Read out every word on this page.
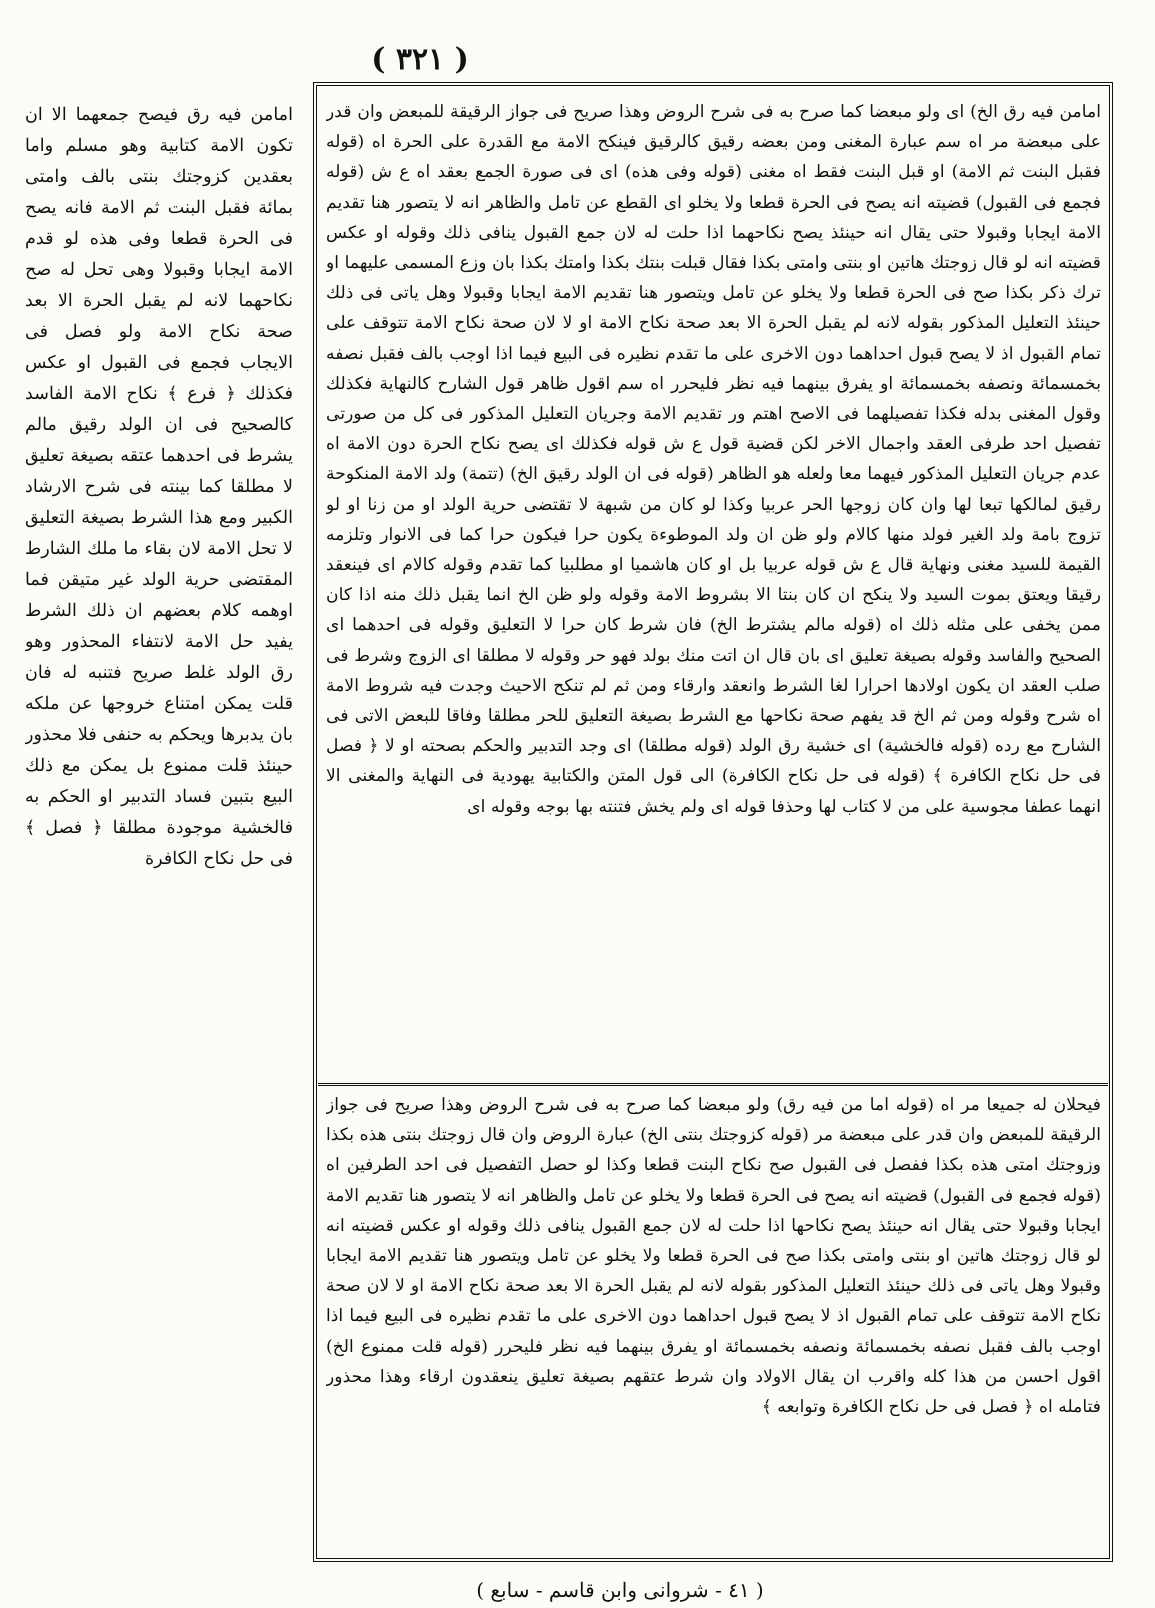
( ٣٢١ )
امامن فيه رق الخ) اى ولو مبعضا كما صرح به فى شرح الروض وهذا صريح فى جواز الرقيقة للمبعض وان قدر على مبعضة مر اه سم عبارة المغنى ومن بعضه رقيق كالرقيق فينكح الامة مع القدرة على الحرة اه (قوله فقبل البنت ثم الامة) او قبل البنت فقط اه مغنى (قوله وفى هذه) اى فى صورة الجمع بعقد اه ع ش (قوله فجمع فى القبول) قضيته انه يصح فى الحرة قطعا ولا يخلو اى القطع عن تامل والظاهر انه لا يتصور هنا تقديم الامة ايجابا وقبولا حتى يقال انه حينئذ يصح نكاحهما اذا حلت له لان جمع القبول ينافى ذلك وقوله او عكس قضيته انه لو قال زوجتك هاتين او بنتى وامتى بكذا فقال قبلت بنتك بكذا وامتك بكذا بان وزع المسمى عليهما او ترك ذكر بكذا صح فى الحرة قطعا ولا يخلو عن تامل ويتصور هنا تقديم الامة ايجابا وقبولا وهل ياتى فى ذلك حينئذ التعليل المذكور بقوله لانه لم يقبل الحرة الا بعد صحة نكاح الامة او لا لان صحة نكاح الامة تتوقف على تمام القبول اذ لا يصح قبول احداهما دون الاخرى على ما تقدم نظيره فى البيع فيما اذا اوجب بالف فقبل نصفه بخمسمائة ونصفه بخمسمائة او يفرق بينهما فيه نظر فليحرر اه سم اقول ظاهر قول الشارح كالنهاية فكذلك وقول المغنى بدله فكذا تفصيلهما فى الاصح اهتم ور تقديم الامة وجريان التعليل المذكور فى كل من صورتى تفصيل احد طرفى العقد واجمال الاخر لكن قضية قول ع ش قوله فكذلك اى يصح نكاح الحرة دون الامة اه عدم جريان التعليل المذكور فيهما معا ولعله هو الظاهر (قوله فى ان الولد رقيق الخ) (تتمة) ولد الامة المنكوحة رقيق لمالكها تبعا لها وان كان زوجها الحر عربيا وكذا لو كان من شبهة لا تقتضى حرية الولد او من زنا او لو تزوج بامة ولد الغير فولد منها كالام ولو ظن ان ولد الموطوءة يكون حرا فيكون حرا كما فى الانوار وتلزمه القيمة للسيد مغنى ونهاية قال ع ش قوله عربيا بل او كان هاشميا او مطلبيا كما تقدم وقوله كالام اى فينعقد رقيقا ويعتق بموت السيد ولا ينكح ان كان بنتا الا بشروط الامة وقوله ولو ظن الخ انما يقبل ذلك منه اذا كان ممن يخفى على مثله ذلك اه (قوله مالم يشترط الخ) فان شرط كان حرا لا التعليق وقوله فى احدهما اى الصحيح والفاسد وقوله بصيغة تعليق اى بان قال ان اتت منك بولد فهو حر وقوله لا مطلقا اى الزوج وشرط فى صلب العقد ان يكون اولادها احرارا لغا الشرط وانعقد وارقاء ومن ثم لم تنكح الاحيث وجدت فيه شروط الامة اه شرح وقوله ومن ثم الخ قد يفهم صحة نكاحها مع الشرط بصيغة التعليق للحر مطلقا وفاقا للبعض الاتى فى الشارح مع رده (قوله فالخشية) اى خشية رق الولد (قوله مطلقا) اى وجد التدبير والحكم بصحته او لا ﴿ فصل فى حل نكاح الكافرة ﴾ (قوله فى حل نكاح الكافرة) الى قول المتن والكتابية يهودية فى النهاية والمغنى الا انهما عطفا مجوسية على من لا كتاب لها وحذفا قوله اى ولم يخش فتنته بها بوجه وقوله اى
فيحلان له جميعا مر اه (قوله اما من فيه رق) ولو مبعضا كما صرح به فى شرح الروض وهذا صريح فى جواز الرقيقة للمبعض وان قدر على مبعضة مر (قوله كزوجتك بنتى الخ) عبارة الروض وان قال زوجتك بنتى هذه بكذا وزوجتك امتى هذه بكذا ففصل فى القبول صح نكاح البنت قطعا وكذا لو حصل التفصيل فى احد الطرفين اه (قوله فجمع فى القبول) قضيته انه يصح فى الحرة قطعا ولا يخلو عن تامل والظاهر انه لا يتصور هنا تقديم الامة ايجابا وقبولا حتى يقال انه حينئذ يصح نكاحها اذا حلت له لان جمع القبول ينافى ذلك وقوله او عكس قضيته انه لو قال زوجتك هاتين او بنتى وامتى بكذا صح فى الحرة قطعا ولا يخلو عن تامل ويتصور هنا تقديم الامة ايجابا وقبولا وهل ياتى فى ذلك حينئذ التعليل المذكور بقوله لانه لم يقبل الحرة الا بعد صحة نكاح الامة او لا لان صحة نكاح الامة تتوقف على تمام القبول اذ لا يصح قبول احداهما دون الاخرى على ما تقدم نظيره فى البيع فيما اذا اوجب بالف فقبل نصفه بخمسمائة ونصفه بخمسمائة او يفرق بينهما فيه نظر فليحرر (قوله قلت ممنوع الخ) اقول احسن من هذا كله واقرب ان يقال الاولاد وان شرط عتقهم بصيغة تعليق ينعقدون ارقاء وهذا محذور فتامله اه ﴿ فصل فى حل نكاح الكافرة وتوابعه ﴾
امامن فيه رق فيصح جمعهما الا ان تكون الامة كتابية وهو مسلم واما بعقدين كزوجتك بنتى بالف وامتى بمائة فقبل البنت ثم الامة فانه يصح فى الحرة قطعا وفى هذه لو قدم الامة ايجابا وقبولا وهى تحل له صح نكاحهما لانه لم يقبل الحرة الا بعد صحة نكاح الامة ولو فصل فى الايجاب فجمع فى القبول او عكس فكذلك ﴿ فرع ﴾ نكاح الامة الفاسد كالصحيح فى ان الولد رقيق مالم يشرط فى احدهما عتقه بصيغة تعليق لا مطلقا كما بينته فى شرح الارشاد الكبير ومع هذا الشرط بصيغة التعليق لا تحل الامة لان بقاء ما ملك الشارط المقتضى حرية الولد غير متيقن فما اوهمه كلام بعضهم ان ذلك الشرط يفيد حل الامة لانتفاء المحذور وهو رق الولد غلط صريح فتنبه له فان قلت يمكن امتناع خروجها عن ملكه بان يدبرها ويحكم به حنفى فلا محذور حينئذ قلت ممنوع بل يمكن مع ذلك البيع بتبين فساد التدبير او الحكم به فالخشية موجودة مطلقا ﴿ فصل ﴾ فى حل نكاح الكافرة
( ٤١ - شروانى وابن قاسم - سابع )
